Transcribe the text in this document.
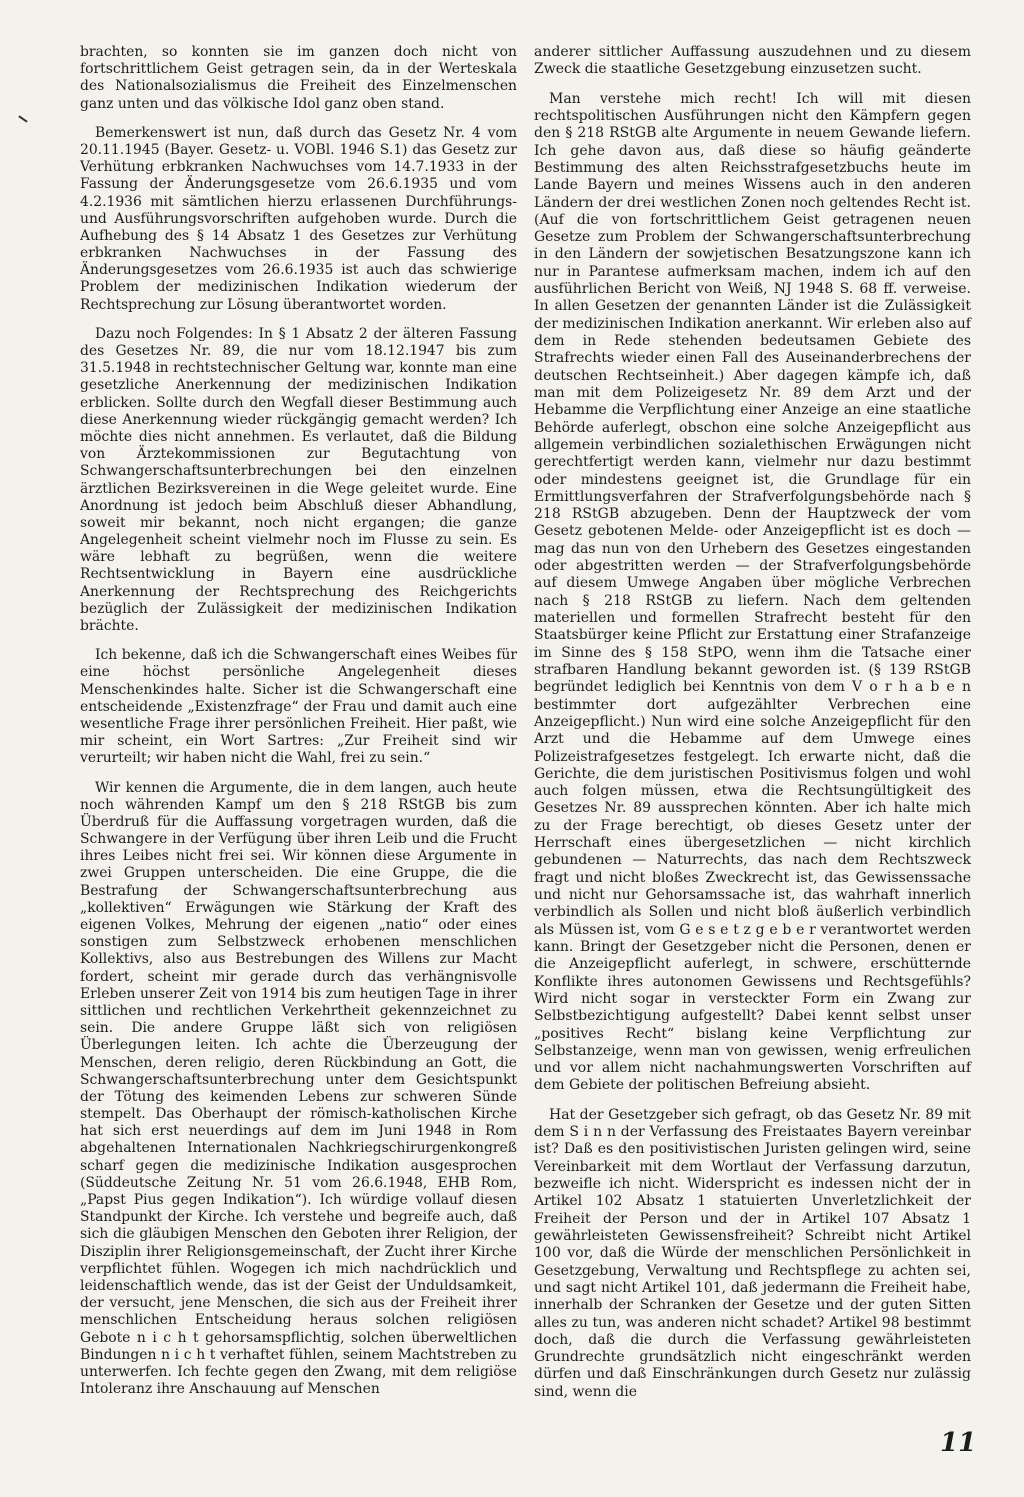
brachten, so konnten sie im ganzen doch nicht von fortschrittlichem Geist getragen sein, da in der Werteskala des Nationalsozialismus die Freiheit des Einzelmenschen ganz unten und das völkische Idol ganz oben stand.

Bemerkenswert ist nun, daß durch das Gesetz Nr. 4 vom 20.11.1945 (Bayer. Gesetz- u. VOBl. 1946 S.1) das Gesetz zur Verhütung erbkranken Nachwuchses vom 14.7.1933 in der Fassung der Änderungsgesetze vom 26.6.1935 und vom 4.2.1936 mit sämtlichen hierzu erlassenen Durchführungs- und Ausführungsvorschriften aufgehoben wurde. Durch die Aufhebung des § 14 Absatz 1 des Gesetzes zur Verhütung erbkranken Nachwuchses in der Fassung des Änderungsgesetzes vom 26.6.1935 ist auch das schwierige Problem der medizinischen Indikation wiederum der Rechtsprechung zur Lösung überantwortet worden.

Dazu noch Folgendes: In § 1 Absatz 2 der älteren Fassung des Gesetzes Nr. 89, die nur vom 18.12.1947 bis zum 31.5.1948 in rechtstechnischer Geltung war, konnte man eine gesetzliche Anerkennung der medizinischen Indikation erblicken. Sollte durch den Wegfall dieser Bestimmung auch diese Anerkennung wieder rückgängig gemacht werden? Ich möchte dies nicht annehmen. Es verlautet, daß die Bildung von Ärztekommissionen zur Begutachtung von Schwangerschaftsunterbrechungen bei den einzelnen ärztlichen Bezirksvereinen in die Wege geleitet wurde. Eine Anordnung ist jedoch beim Abschluß dieser Abhandlung, soweit mir bekannt, noch nicht ergangen; die ganze Angelegenheit scheint vielmehr noch im Flusse zu sein. Es wäre lebhaft zu begrüßen, wenn die weitere Rechtsentwicklung in Bayern eine ausdrückliche Anerkennung der Rechtsprechung des Reichgerichts bezüglich der Zulässigkeit der medizinischen Indikation brächte.

Ich bekenne, daß ich die Schwangerschaft eines Weibes für eine höchst persönliche Angelegenheit dieses Menschenkindes halte. Sicher ist die Schwangerschaft eine entscheidende „Existenzfrage“ der Frau und damit auch eine wesentliche Frage ihrer persönlichen Freiheit. Hier paßt, wie mir scheint, ein Wort Sartres: „Zur Freiheit sind wir verurteilt; wir haben nicht die Wahl, frei zu sein.“

Wir kennen die Argumente, die in dem langen, auch heute noch währenden Kampf um den § 218 RStGB bis zum Überdruß für die Auffassung vorgetragen wurden, daß die Schwangere in der Verfügung über ihren Leib und die Frucht ihres Leibes nicht frei sei. Wir können diese Argumente in zwei Gruppen unterscheiden. Die eine Gruppe, die die Bestrafung der Schwangerschaftsunterbrechung aus „kollektiven“ Erwägungen wie Stärkung der Kraft des eigenen Volkes, Mehrung der eigenen „natio“ oder eines sonstigen zum Selbstzweck erhobenen menschlichen Kollektivs, also aus Bestrebungen des Willens zur Macht fordert, scheint mir gerade durch das verhängnisvolle Erleben unserer Zeit von 1914 bis zum heutigen Tage in ihrer sittlichen und rechtlichen Verkehrtheit gekennzeichnet zu sein. Die andere Gruppe läßt sich von religiösen Überlegungen leiten. Ich achte die Überzeugung der Menschen, deren religio, deren Rückbindung an Gott, die Schwangerschaftsunterbrechung unter dem Gesichtspunkt der Tötung des keimenden Lebens zur schweren Sünde stempelt. Das Oberhaupt der römisch-katholischen Kirche hat sich erst neuerdings auf dem im Juni 1948 in Rom abgehaltenen Internationalen Nachkriegschirurgenkongreß scharf gegen die medizinische Indikation ausgesprochen (Süddeutsche Zeitung Nr. 51 vom 26.6.1948, EHB Rom, „Papst Pius gegen Indikation“). Ich würdige vollauf diesen Standpunkt der Kirche. Ich verstehe und begreife auch, daß sich die gläubigen Menschen den Geboten ihrer Religion, der Disziplin ihrer Religionsgemeinschaft, der Zucht ihrer Kirche verpflichtet fühlen. Wogegen ich mich nachdrücklich und leidenschaftlich wende, das ist der Geist der Unduldsamkeit, der versucht, jene Menschen, die sich aus der Freiheit ihrer menschlichen Entscheidung heraus solchen religiösen Gebote n i c h t gehorsamspflichtig, solchen überweltlichen Bindungen n i c h t verhaftet fühlen, seinem Machtstreben zu unterwerfen. Ich fechte gegen den Zwang, mit dem religiöse Intoleranz ihre Anschauung auf Menschen

anderer sittlicher Auffassung auszudehnen und zu diesem Zweck die staatliche Gesetzgebung einzusetzen sucht.

Man verstehe mich recht! Ich will mit diesen rechtspolitischen Ausführungen nicht den Kämpfern gegen den § 218 RStGB alte Argumente in neuem Gewande liefern. Ich gehe davon aus, daß diese so häufig geänderte Bestimmung des alten Reichsstrafgesetzbuchs heute im Lande Bayern und meines Wissens auch in den anderen Ländern der drei westlichen Zonen noch geltendes Recht ist. (Auf die von fortschrittlichem Geist getragenen neuen Gesetze zum Problem der Schwangerschaftsunterbrechung in den Ländern der sowjetischen Besatzungszone kann ich nur in Parantese aufmerksam machen, indem ich auf den ausführlichen Bericht von Weiß, NJ 1948 S. 68 ff. verweise. In allen Gesetzen der genannten Länder ist die Zulässigkeit der medizinischen Indikation anerkannt. Wir erleben also auf dem in Rede stehenden bedeutsamen Gebiete des Strafrechts wieder einen Fall des Auseinanderbrechens der deutschen Rechtseinheit.) Aber dagegen kämpfe ich, daß man mit dem Polizeigesetz Nr. 89 dem Arzt und der Hebamme die Verpflichtung einer Anzeige an eine staatliche Behörde auferlegt, obschon eine solche Anzeigepflicht aus allgemein verbindlichen sozialethischen Erwägungen nicht gerechtfertigt werden kann, vielmehr nur dazu bestimmt oder mindestens geeignet ist, die Grundlage für ein Ermittlungsverfahren der Strafverfolgungsbehörde nach § 218 RStGB abzugeben. Denn der Hauptzweck der vom Gesetz gebotenen Melde- oder Anzeigepflicht ist es doch — mag das nun von den Urhebern des Gesetzes eingestanden oder abgestritten werden — der Strafverfolgungsbehörde auf diesem Umwege Angaben über mögliche Verbrechen nach § 218 RStGB zu liefern. Nach dem geltenden materiellen und formellen Strafrecht besteht für den Staatsbürger keine Pflicht zur Erstattung einer Strafanzeige im Sinne des § 158 StPO, wenn ihm die Tatsache einer strafbaren Handlung bekannt geworden ist. (§ 139 RStGB begründet lediglich bei Kenntnis von dem V o r h a b e n bestimmter dort aufgezählter Verbrechen eine Anzeigepflicht.) Nun wird eine solche Anzeigepflicht für den Arzt und die Hebamme auf dem Umwege eines Polizeistrafgesetzes festgelegt. Ich erwarte nicht, daß die Gerichte, die dem juristischen Positivismus folgen und wohl auch folgen müssen, etwa die Rechtsungültigkeit des Gesetzes Nr. 89 aussprechen könnten. Aber ich halte mich zu der Frage berechtigt, ob dieses Gesetz unter der Herrschaft eines übergesetzlichen — nicht kirchlich gebundenen — Naturrechts, das nach dem Rechtszweck fragt und nicht bloßes Zweckrecht ist, das Gewissenssache und nicht nur Gehorsamssache ist, das wahrhaft innerlich verbindlich als Sollen und nicht bloß äußerlich verbindlich als Müssen ist, vom G e s e t z g e b e r verantwortet werden kann. Bringt der Gesetzgeber nicht die Personen, denen er die Anzeigepflicht auferlegt, in schwere, erschütternde Konflikte ihres autonomen Gewissens und Rechtsgefühls? Wird nicht sogar in versteckter Form ein Zwang zur Selbstbezichtigung aufgestellt? Dabei kennt selbst unser „positives Recht“ bislang keine Verpflichtung zur Selbstanzeige, wenn man von gewissen, wenig erfreulichen und vor allem nicht nachahmungswerten Vorschriften auf dem Gebiete der politischen Befreiung absieht.

Hat der Gesetzgeber sich gefragt, ob das Gesetz Nr. 89 mit dem S i n n der Verfassung des Freistaates Bayern vereinbar ist? Daß es den positivistischen Juristen gelingen wird, seine Vereinbarkeit mit dem Wortlaut der Verfassung darzutun, bezweifle ich nicht. Widerspricht es indessen nicht der in Artikel 102 Absatz 1 statuierten Unverletzlichkeit der Freiheit der Person und der in Artikel 107 Absatz 1 gewährleisteten Gewissensfreiheit? Schreibt nicht Artikel 100 vor, daß die Würde der menschlichen Persönlichkeit in Gesetzgebung, Verwaltung und Rechtspflege zu achten sei, und sagt nicht Artikel 101, daß jedermann die Freiheit habe, innerhalb der Schranken der Gesetze und der guten Sitten alles zu tun, was anderen nicht schadet? Artikel 98 bestimmt doch, daß die durch die Verfassung gewährleisteten Grundrechte grundsätzlich nicht eingeschränkt werden dürfen und daß Einschränkungen durch Gesetz nur zulässig sind, wenn die

11
